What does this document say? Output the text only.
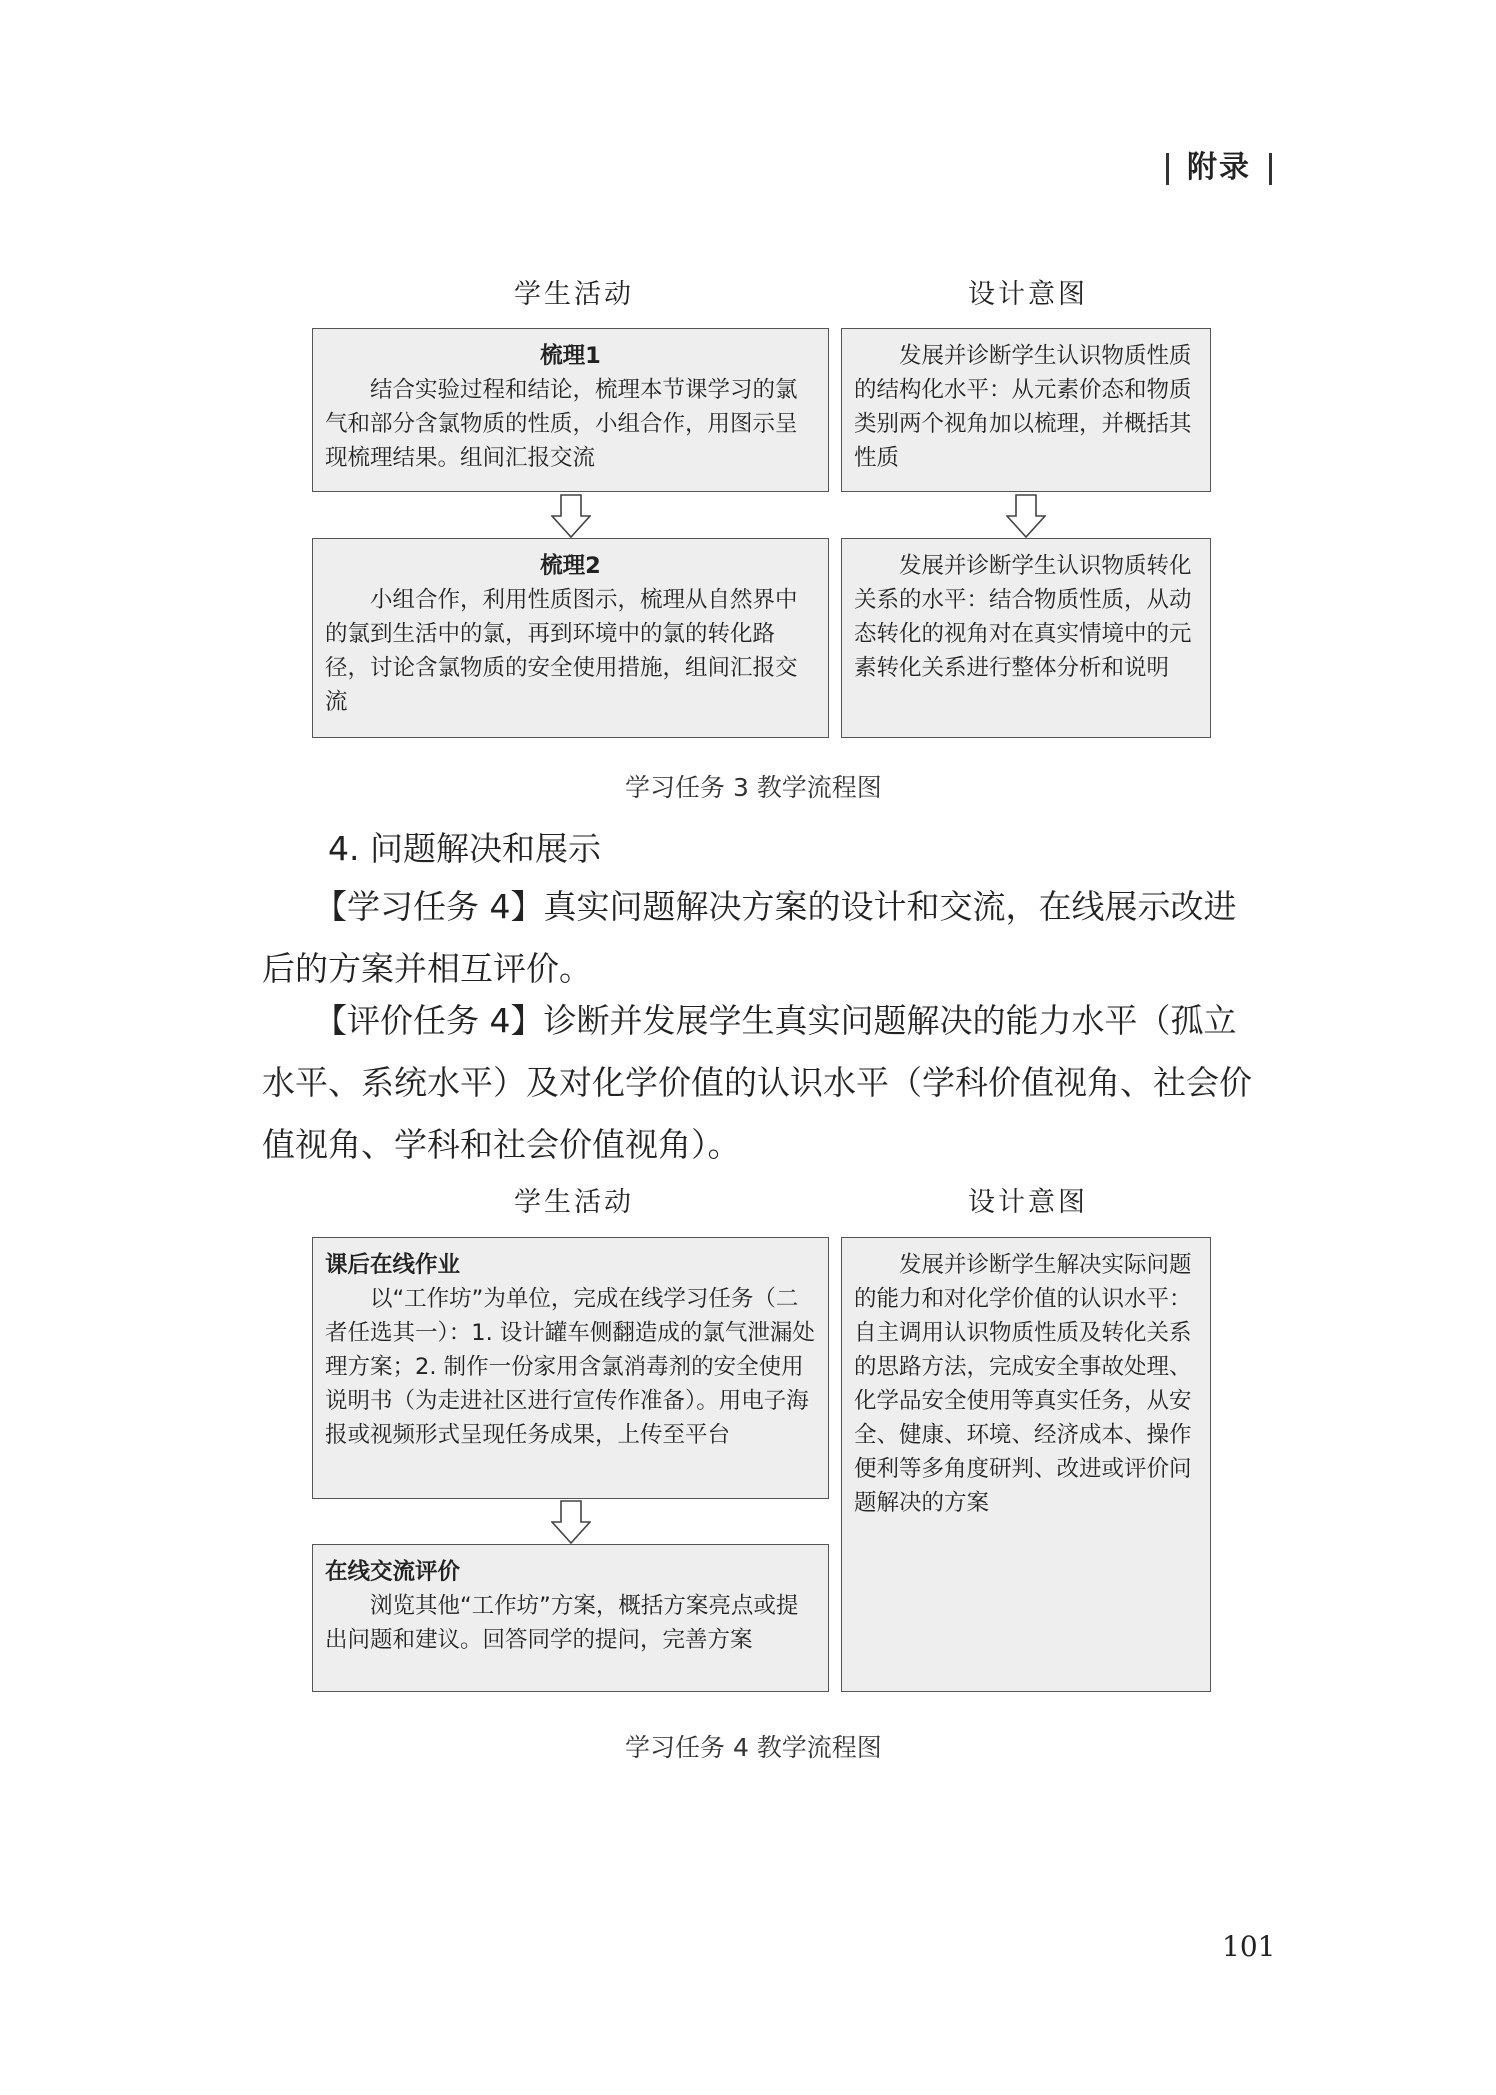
附录
学生活动	设计意图
梳理1

结合实验过程和结论，梳理本节课学习的氯气和部分含氯物质的性质，小组合作，用图示呈现梳理结果。组间汇报交流

梳理2

小组合作，利用性质图示，梳理从自然界中的氯到生活中的氯，再到环境中的氯的转化路径，讨论含氯物质的安全使用措施，组间汇报交流

发展并诊断学生认识物质性质的结构化水平：从元素价态和物质类别两个视角加以梳理，并概括其性质

发展并诊断学生认识物质转化关系的水平：结合物质性质，从动态转化的视角对在真实情境中的元素转化关系进行整体分析和说明

学习任务 3 教学流程图
4. 问题解决和展示
【学习任务 4】真实问题解决方案的设计和交流，在线展示改进后的方案并相互评价。
【评价任务 4】诊断并发展学生真实问题解决的能力水平（孤立水平、系统水平）及对化学价值的认识水平（学科价值视角、社会价值视角、学科和社会价值视角）。
学生活动	设计意图
课后在线作业

以“工作坊”为单位，完成在线学习任务（二者任选其一）：1. 设计罐车侧翻造成的氯气泄漏处理方案；2. 制作一份家用含氯消毒剂的安全使用说明书（为走进社区进行宣传作准备）。用电子海报或视频形式呈现任务成果，上传至平台

在线交流评价

浏览其他“工作坊”方案，概括方案亮点或提出问题和建议。回答同学的提问，完善方案

发展并诊断学生解决实际问题的能力和对化学价值的认识水平：自主调用认识物质性质及转化关系的思路方法，完成安全事故处理、化学品安全使用等真实任务，从安全、健康、环境、经济成本、操作便利等多角度研判、改进或评价问题解决的方案

学习任务 4 教学流程图
101
